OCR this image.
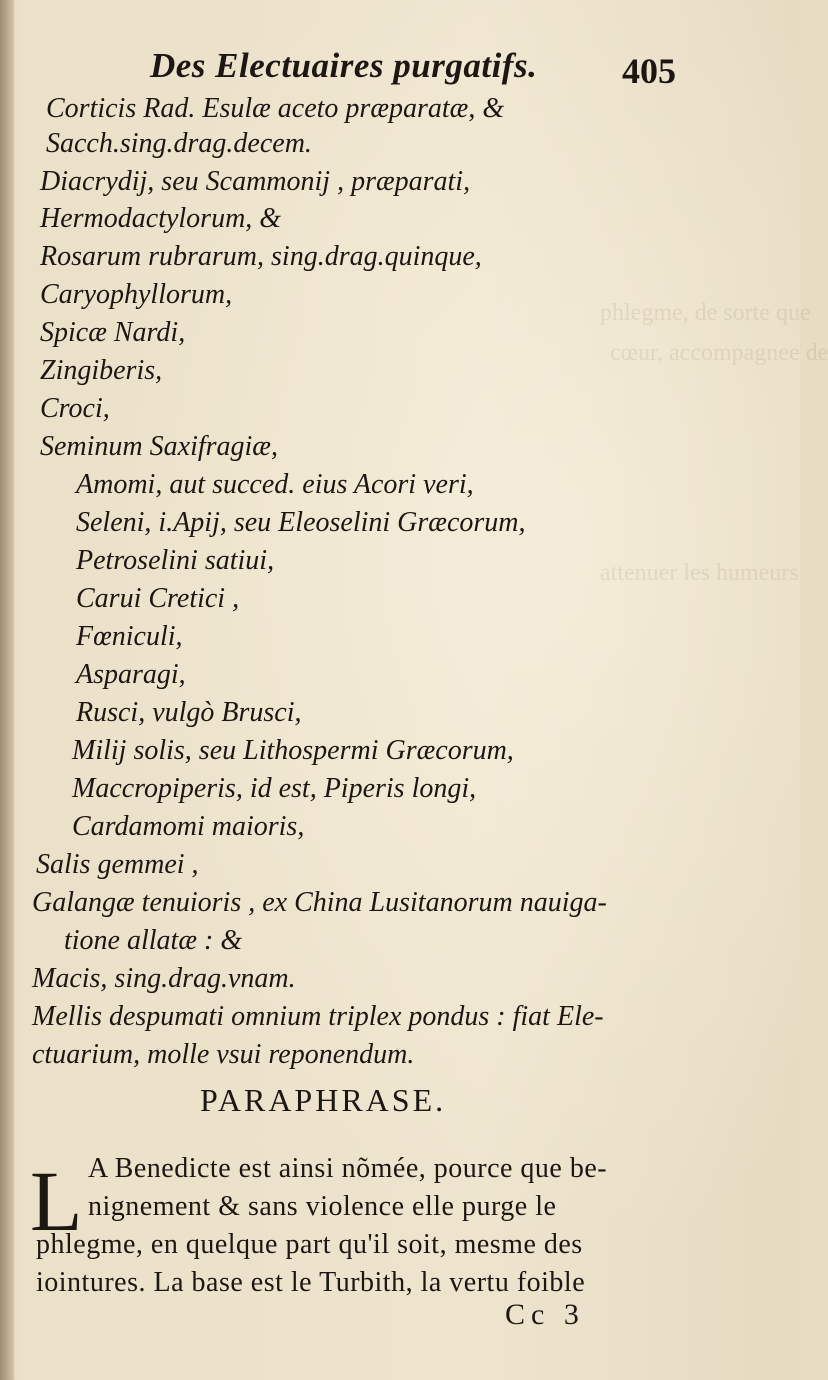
phlegme, de sorte que
cœur, accompagnee de
attenuer les humeurs
Des Electuaires purgatifs. 405
Corticis Rad. Esulæ aceto præparatæ, &
Sacch.sing.drag.decem.
Diacrydij, seu Scammonij , præparati,
Hermodactylorum, &
Rosarum rubrarum, sing.drag.quinque,
Caryophyllorum,
Spicæ Nardi,
Zingiberis,
Croci,
Seminum Saxifragiæ,
Amomi, aut succed. eius Acori veri,
Seleni, i.Apij, seu Eleoselini Græcorum,
Petroselini satiui,
Carui Cretici ,
Fœniculi,
Asparagi,
Rusci, vulgò Brusci,
Milij solis, seu Lithospermi Græcorum,
Maccropiperis, id est, Piperis longi,
Cardamomi maioris,
Salis gemmei ,
Galangæ tenuioris , ex China Lusitanorum nauiga-
tione allatæ : &
Macis, sing.drag.vnam.
Mellis despumati omnium triplex pondus : fiat Ele-
ctuarium, molle vsui reponendum.
PARAPHRASE.
L A Benedicte est ainsi nõmée, pource que be-
nignement & sans violence elle purge le
phlegme, en quelque part qu'il soit, mesme des
iointures. La base est le Turbith, la vertu foible
Cc 3
